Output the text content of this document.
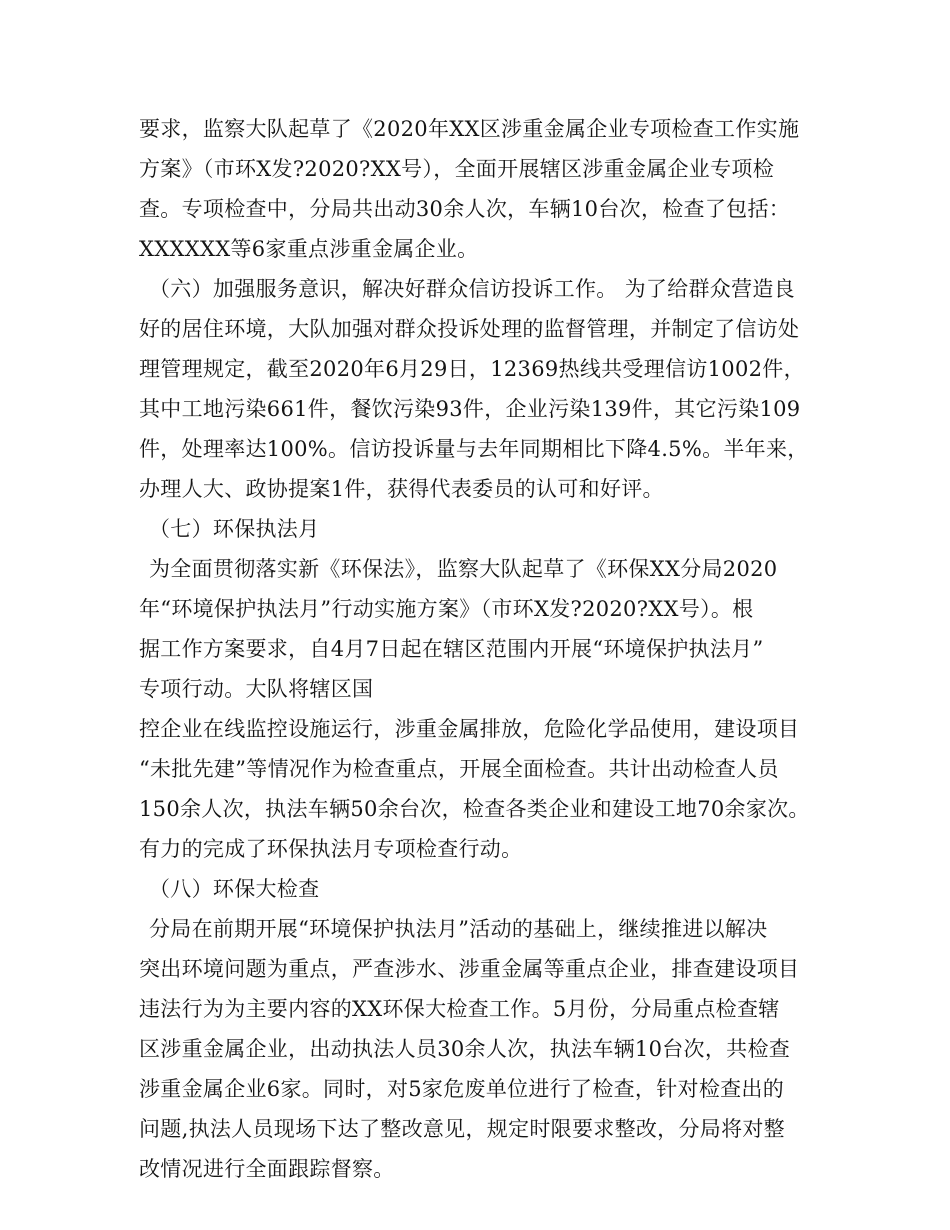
要求，监察大队起草了《2020年XX区涉重金属企业专项检查工作实施
方案》（市环X发?2020?XX号），全面开展辖区涉重金属企业专项检
查。专项检查中，分局共出动30余人次，车辆10台次，检查了包括：
XXXXXX等6家重点涉重金属企业。
（六）加强服务意识，解决好群众信访投诉工作。 为了给群众营造良
好的居住环境，大队加强对群众投诉处理的监督管理，并制定了信访处
理管理规定，截至2020年6月29日，12369热线共受理信访1002件，
其中工地污染661件，餐饮污染93件，企业污染139件，其它污染109
件，处理率达100%。信访投诉量与去年同期相比下降4.5%。半年来，
办理人大、政协提案1件，获得代表委员的认可和好评。
（七）环保执法月
为全面贯彻落实新《环保法》，监察大队起草了《环保XX分局2020
年“环境保护执法月”行动实施方案》（市环X发?2020?XX号）。根
据工作方案要求，自4月7日起在辖区范围内开展“环境保护执法月”
专项行动。大队将辖区国
控企业在线监控设施运行，涉重金属排放，危险化学品使用，建设项目
“未批先建”等情况作为检查重点，开展全面检查。共计出动检查人员
150余人次，执法车辆50余台次，检查各类企业和建设工地70余家次。
有力的完成了环保执法月专项检查行动。
（八）环保大检查
分局在前期开展“环境保护执法月”活动的基础上，继续推进以解决
突出环境问题为重点，严查涉水、涉重金属等重点企业，排查建设项目
违法行为为主要内容的XX环保大检查工作。5月份，分局重点检查辖
区涉重金属企业，出动执法人员30余人次，执法车辆10台次，共检查
涉重金属企业6家。同时，对5家危废单位进行了检查，针对检查出的
问题,执法人员现场下达了整改意见，规定时限要求整改，分局将对整
改情况进行全面跟踪督察。
